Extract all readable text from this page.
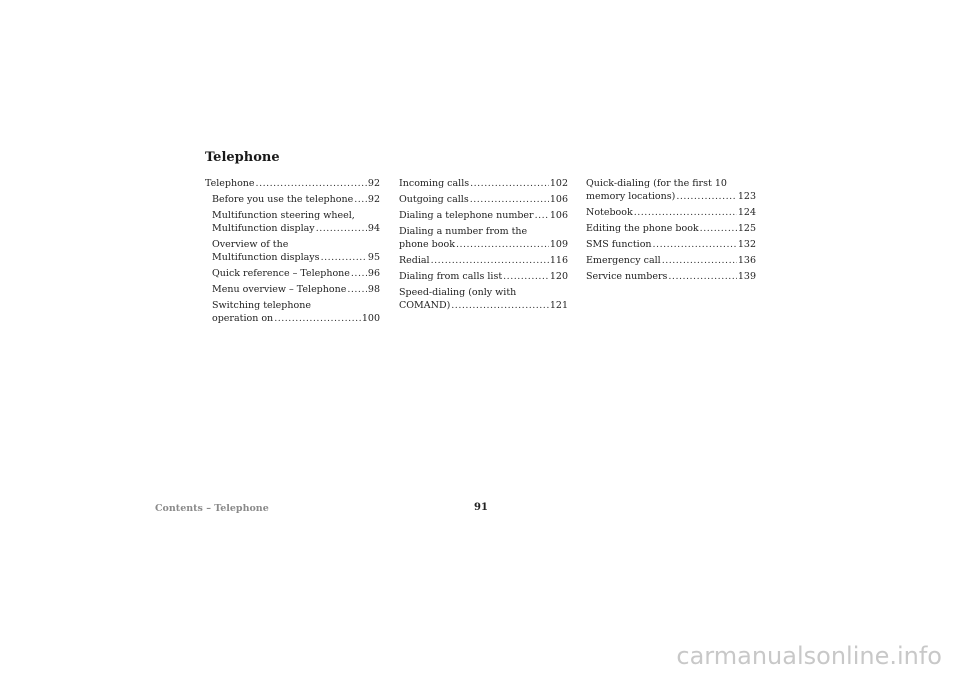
Telephone
Telephone .....	92
Before you use the telephone ..... 92
Multifunction steering wheel,
Multifunction display .....	94
Overview of the
Multifunction displays .....	95
Quick reference – Telephone ..... 96
Menu overview – Telephone ..... 98
Switching telephone
operation on .....	100
Incoming calls .....	102
Outgoing calls .....	106
Dialing a telephone number ..... 106
Dialing a number from the
phone book .....	109
Redial .....	116
Dialing from calls list .....	120
Speed-dialing (only with
COMAND) .....	121
Quick-dialing (for the first 10
memory locations) .....	123
Notebook .....	124
Editing the phone book .....	125
SMS function .....	132
Emergency call .....	136
Service numbers .....	139
Contents – Telephone	91
carmanualsonline.info
